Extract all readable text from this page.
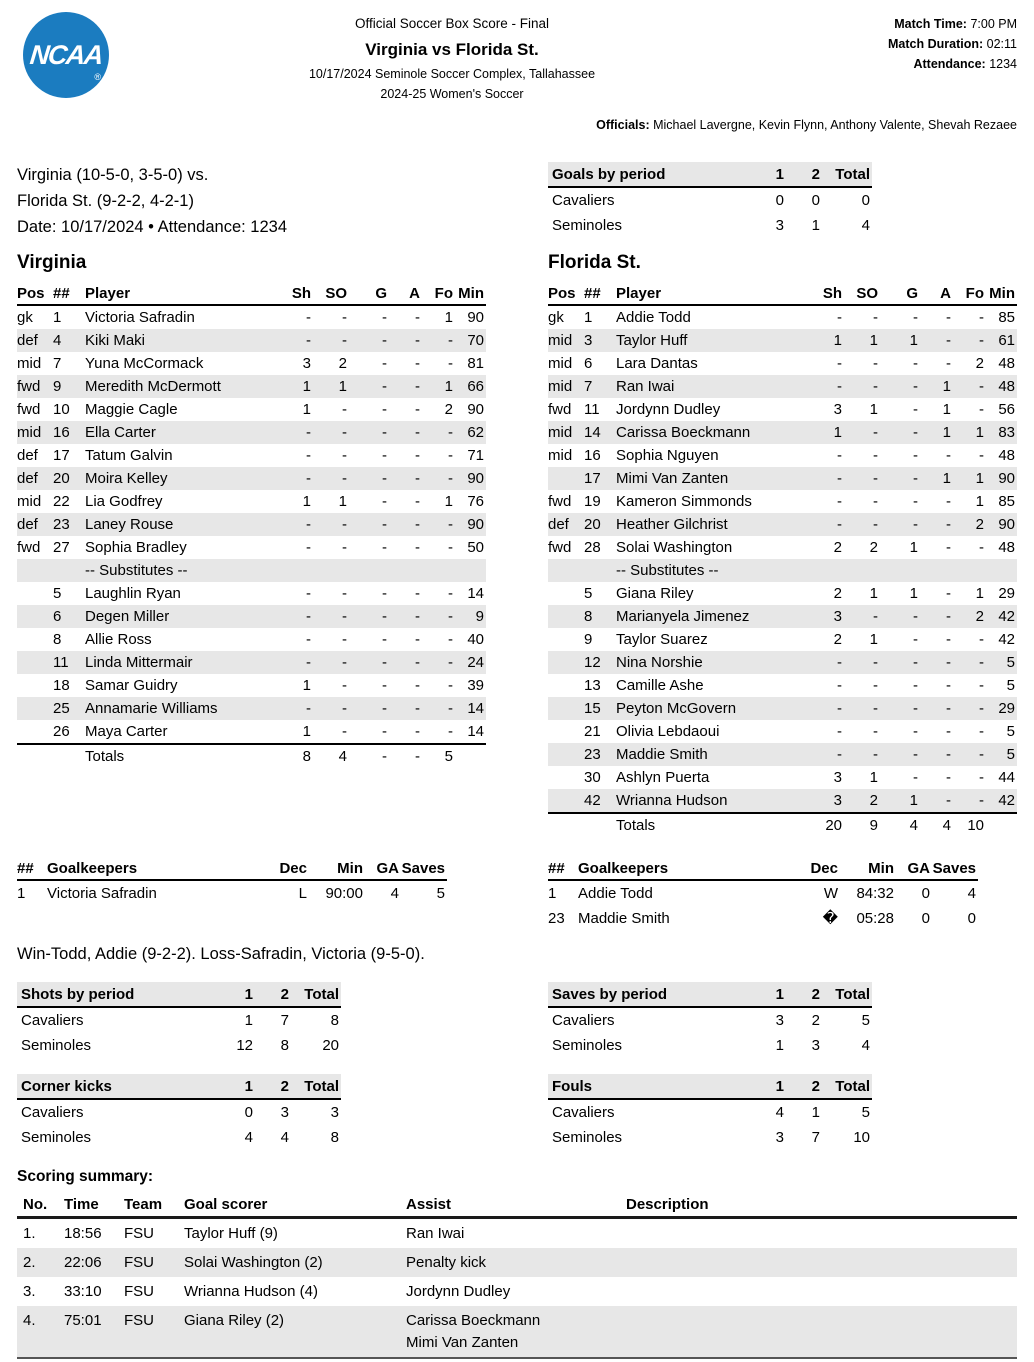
NCAA
®
Official Soccer Box Score - Final
Virginia vs Florida St.
10/17/2024 Seminole Soccer Complex, Tallahassee
2024-25 Women's Soccer
Match Time: 7:00 PM
Match Duration: 02:11
Attendance: 1234
Officials: Michael Lavergne, Kevin Flynn, Anthony Valente, Shevah Rezaee
Virginia (10-5-0, 3-5-0) vs.
Florida St. (9-2-2, 4-2-1)
Date: 10/17/2024 • Attendance: 1234
Goals by period	1	2	Total
Cavaliers	0	0	0
Seminoles	3	1	4
Virginia
Pos	##	Player	Sh	SO	G	A	Fo	Min
gk	1	Victoria Safradin	-	-	-	-	1	90
def	4	Kiki Maki	-	-	-	-	-	70
mid	7	Yuna McCormack	3	2	-	-	-	81
fwd	9	Meredith McDermott	1	1	-	-	1	66
fwd	10	Maggie Cagle	1	-	-	-	2	90
mid	16	Ella Carter	-	-	-	-	-	62
def	17	Tatum Galvin	-	-	-	-	-	71
def	20	Moira Kelley	-	-	-	-	-	90
mid	22	Lia Godfrey	1	1	-	-	1	76
def	23	Laney Rouse	-	-	-	-	-	90
fwd	27	Sophia Bradley	-	-	-	-	-	50
		-- Substitutes --						
	5	Laughlin Ryan	-	-	-	-	-	14
	6	Degen Miller	-	-	-	-	-	9
	8	Allie Ross	-	-	-	-	-	40
	11	Linda Mittermair	-	-	-	-	-	24
	18	Samar Guidry	1	-	-	-	-	39
	25	Annamarie Williams	-	-	-	-	-	14
	26	Maya Carter	1	-	-	-	-	14
		Totals	8	4	-	-	5	
Florida St.
Pos	##	Player	Sh	SO	G	A	Fo	Min
gk	1	Addie Todd	-	-	-	-	-	85
mid	3	Taylor Huff	1	1	1	-	-	61
mid	6	Lara Dantas	-	-	-	-	2	48
mid	7	Ran Iwai	-	-	-	1	-	48
fwd	11	Jordynn Dudley	3	1	-	1	-	56
mid	14	Carissa Boeckmann	1	-	-	1	1	83
mid	16	Sophia Nguyen	-	-	-	-	-	48
	17	Mimi Van Zanten	-	-	-	1	1	90
fwd	19	Kameron Simmonds	-	-	-	-	1	85
def	20	Heather Gilchrist	-	-	-	-	2	90
fwd	28	Solai Washington	2	2	1	-	-	48
		-- Substitutes --						
	5	Giana Riley	2	1	1	-	1	29
	8	Marianyela Jimenez	3	-	-	-	2	42
	9	Taylor Suarez	2	1	-	-	-	42
	12	Nina Norshie	-	-	-	-	-	5
	13	Camille Ashe	-	-	-	-	-	5
	15	Peyton McGovern	-	-	-	-	-	29
	21	Olivia Lebdaoui	-	-	-	-	-	5
	23	Maddie Smith	-	-	-	-	-	5
	30	Ashlyn Puerta	3	1	-	-	-	44
	42	Wrianna Hudson	3	2	1	-	-	42
		Totals	20	9	4	4	10	
##	Goalkeepers	Dec	Min	GA	Saves
1	Victoria Safradin	L	90:00	4	5
##	Goalkeepers	Dec	Min	GA	Saves
1	Addie Todd	W	84:32	0	4
23	Maddie Smith	�	05:28	0	0
Win-Todd, Addie (9-2-2). Loss-Safradin, Victoria (9-5-0).
Shots by period	1	2	Total
Cavaliers	1	7	8
Seminoles	12	8	20
Saves by period	1	2	Total
Cavaliers	3	2	5
Seminoles	1	3	4
Corner kicks	1	2	Total
Cavaliers	0	3	3
Seminoles	4	4	8
Fouls	1	2	Total
Cavaliers	4	1	5
Seminoles	3	7	10
Scoring summary:
No.	Time	Team	Goal scorer	Assist	Description
1.	18:56	FSU	Taylor Huff (9)	Ran Iwai	

2.	22:06	FSU	Solai Washington (2)	Penalty kick	

3.	33:10	FSU	Wrianna Hudson (4)	Jordynn Dudley	

4.	75:01	FSU	Giana Riley (2)	Carissa Boeckmann
Mimi Van Zanten	
